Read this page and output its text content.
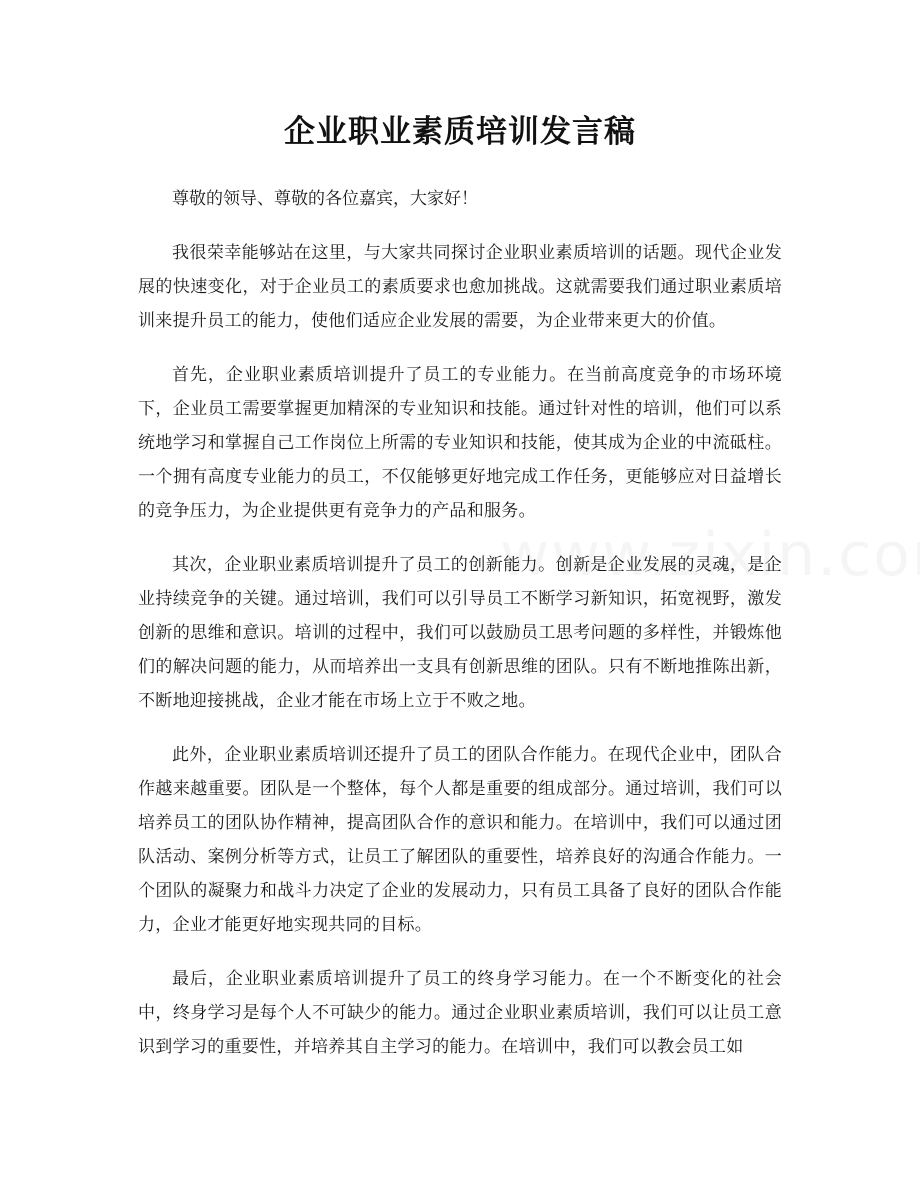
企业职业素质培训发言稿

尊敬的领导、尊敬的各位嘉宾，大家好！

我很荣幸能够站在这里，与大家共同探讨企业职业素质培训的话题。现代企业发展的快速变化，对于企业员工的素质要求也愈加挑战。这就需要我们通过职业素质培训来提升员工的能力，使他们适应企业发展的需要，为企业带来更大的价值。

首先，企业职业素质培训提升了员工的专业能力。在当前高度竞争的市场环境下，企业员工需要掌握更加精深的专业知识和技能。通过针对性的培训，他们可以系统地学习和掌握自己工作岗位上所需的专业知识和技能，使其成为企业的中流砥柱。一个拥有高度专业能力的员工，不仅能够更好地完成工作任务，更能够应对日益增长的竞争压力，为企业提供更有竞争力的产品和服务。

其次，企业职业素质培训提升了员工的创新能力。创新是企业发展的灵魂，是企业持续竞争的关键。通过培训，我们可以引导员工不断学习新知识，拓宽视野，激发创新的思维和意识。培训的过程中，我们可以鼓励员工思考问题的多样性，并锻炼他们的解决问题的能力，从而培养出一支具有创新思维的团队。只有不断地推陈出新，不断地迎接挑战，企业才能在市场上立于不败之地。

此外，企业职业素质培训还提升了员工的团队合作能力。在现代企业中，团队合作越来越重要。团队是一个整体，每个人都是重要的组成部分。通过培训，我们可以培养员工的团队协作精神，提高团队合作的意识和能力。在培训中，我们可以通过团队活动、案例分析等方式，让员工了解团队的重要性，培养良好的沟通合作能力。一个团队的凝聚力和战斗力决定了企业的发展动力，只有员工具备了良好的团队合作能力，企业才能更好地实现共同的目标。

最后，企业职业素质培训提升了员工的终身学习能力。在一个不断变化的社会中，终身学习是每个人不可缺少的能力。通过企业职业素质培训，我们可以让员工意识到学习的重要性，并培养其自主学习的能力。在培训中，我们可以教会员工如
